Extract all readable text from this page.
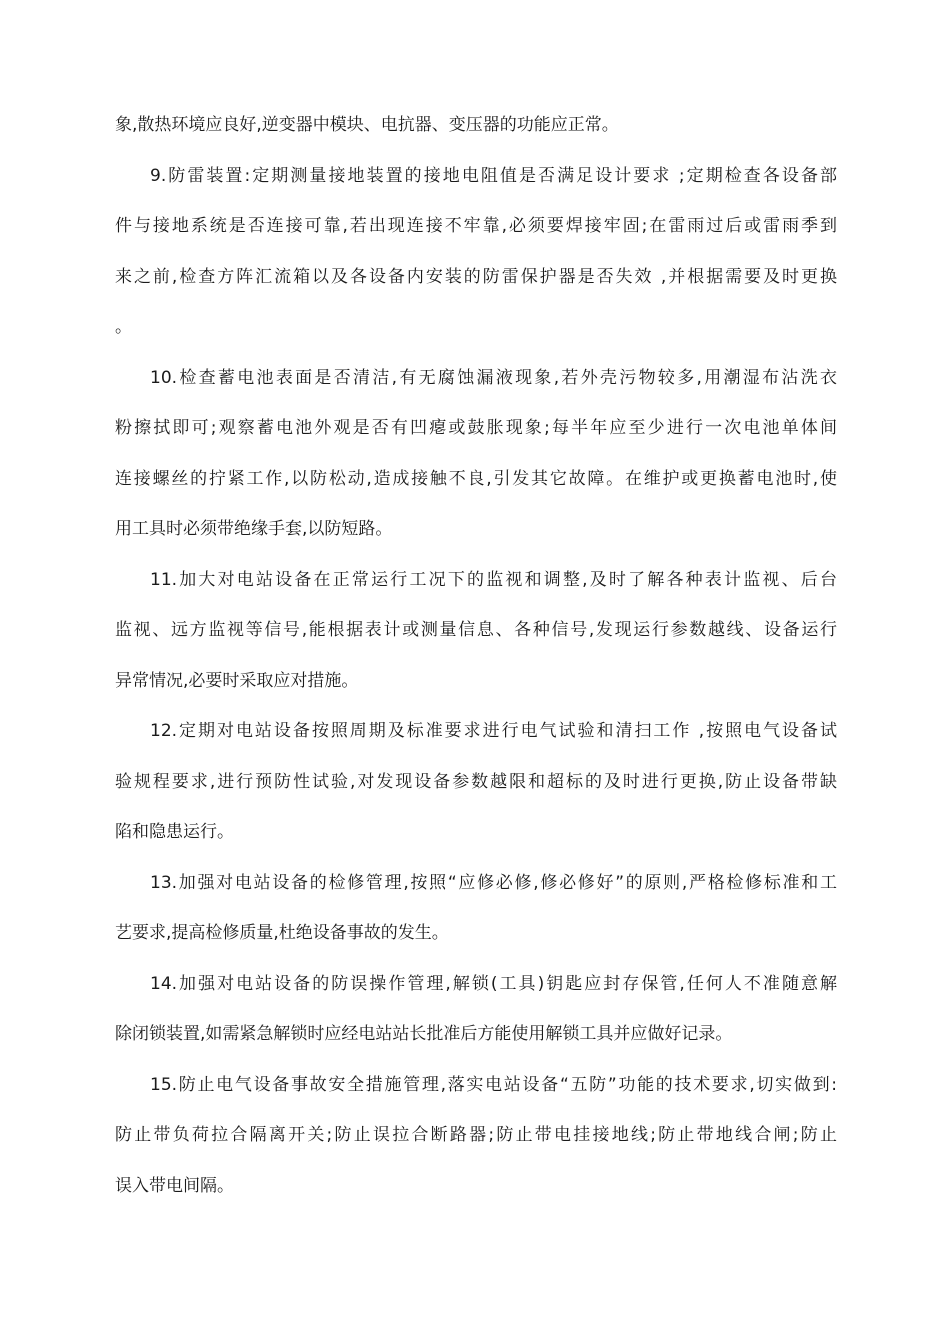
象,散热环境应良好,逆变器中模块、电抗器、变压器的功能应正常。
9.防雷装置:定期测量接地装置的接地电阻值是否满足设计要求 ;定期检查各设备部
件与接地系统是否连接可靠,若出现连接不牢靠,必须要焊接牢固;在雷雨过后或雷雨季到
来之前,检查方阵汇流箱以及各设备内安装的防雷保护器是否失效 ,并根据需要及时更换
。
10.检查蓄电池表面是否清洁,有无腐蚀漏液现象,若外壳污物较多,用潮湿布沾洗衣
粉擦拭即可;观察蓄电池外观是否有凹瘪或鼓胀现象;每半年应至少进行一次电池单体间
连接螺丝的拧紧工作,以防松动,造成接触不良,引发其它故障。在维护或更换蓄电池时,使
用工具时必须带绝缘手套,以防短路。
11.加大对电站设备在正常运行工况下的监视和调整,及时了解各种表计监视、后台
监视、远方监视等信号,能根据表计或测量信息、各种信号,发现运行参数越线、设备运行
异常情况,必要时采取应对措施。
12.定期对电站设备按照周期及标准要求进行电气试验和清扫工作 ,按照电气设备试
验规程要求,进行预防性试验,对发现设备参数越限和超标的及时进行更换,防止设备带缺
陷和隐患运行。
13.加强对电站设备的检修管理,按照“应修必修,修必修好”的原则,严格检修标准和工
艺要求,提高检修质量,杜绝设备事故的发生。
14.加强对电站设备的防误操作管理,解锁(工具)钥匙应封存保管,任何人不准随意解
除闭锁装置,如需紧急解锁时应经电站站长批准后方能使用解锁工具并应做好记录。
15.防止电气设备事故安全措施管理,落实电站设备“五防”功能的技术要求,切实做到:
防止带负荷拉合隔离开关;防止误拉合断路器;防止带电挂接地线;防止带地线合闸;防止
误入带电间隔。
